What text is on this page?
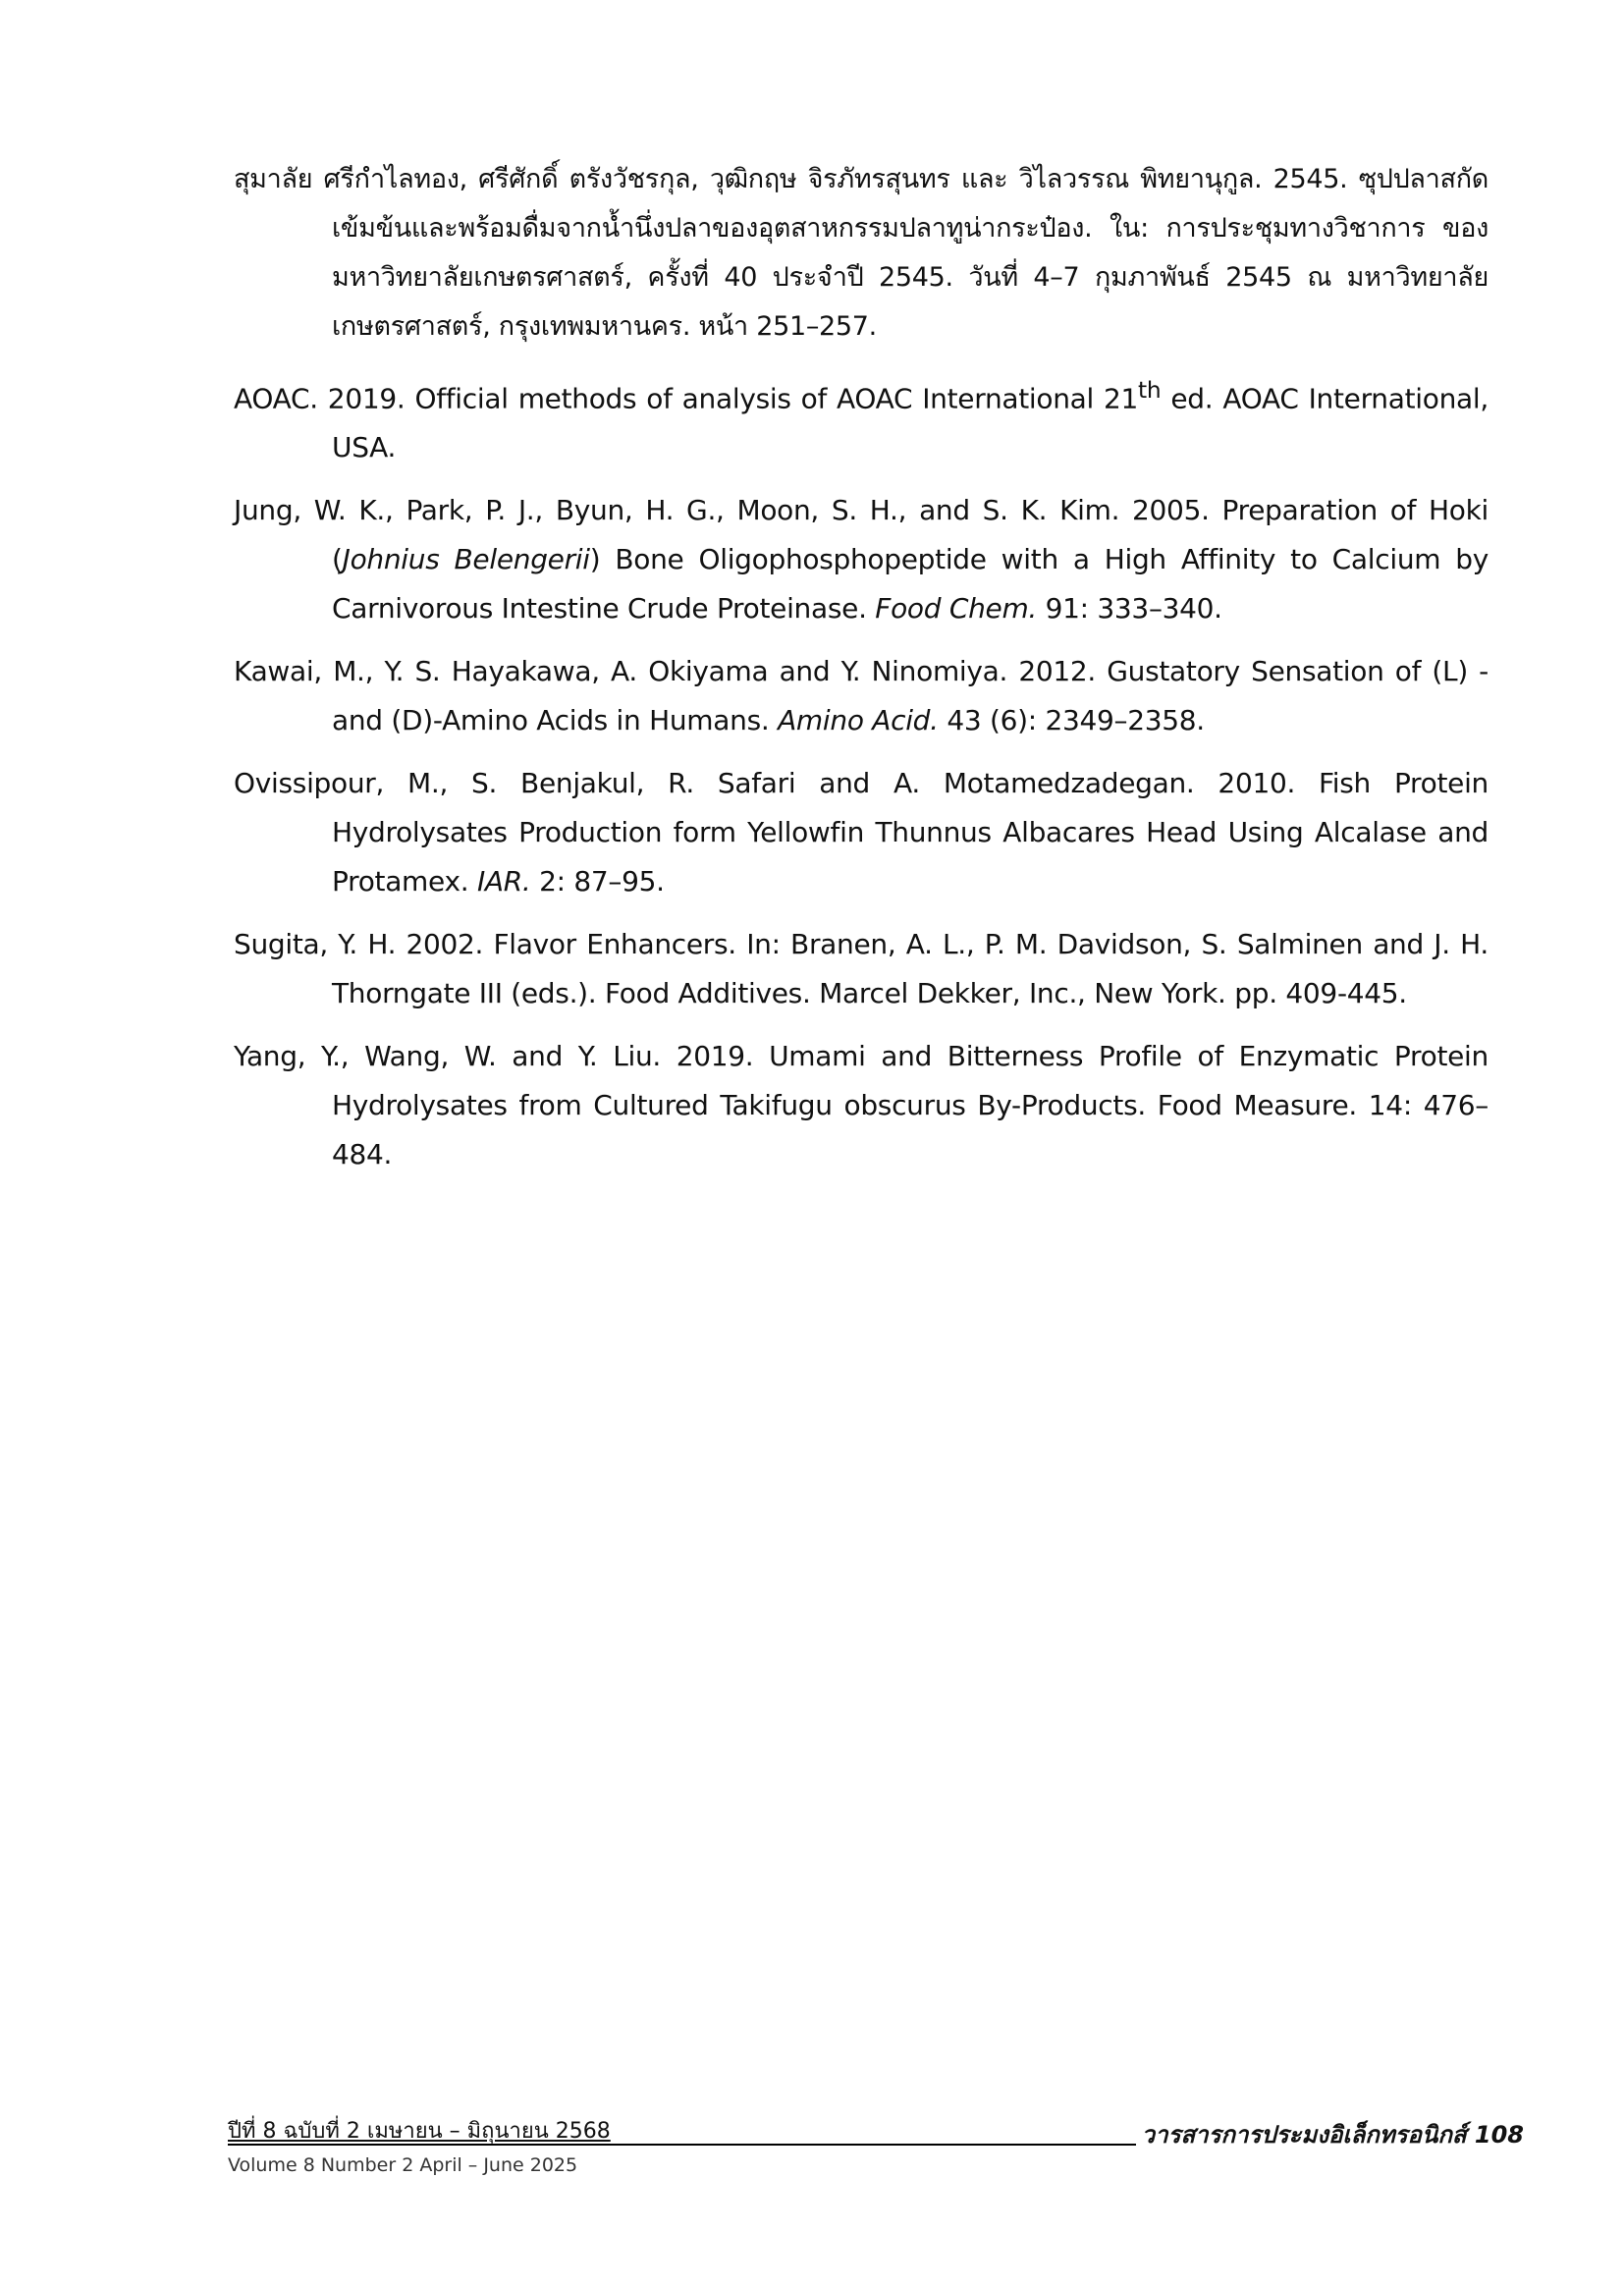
สุมาลัย ศรีกำไลทอง, ศรีศักดิ์ ตรังวัชรกุล, วุฒิกฤษ จิรภัทรสุนทร และ วิไลวรรณ พิทยานุกูล. 2545. ซุปปลาสกัดเข้มข้นและพร้อมดื่มจากน้ำนึ่งปลาของอุตสาหกรรมปลาทูน่ากระป๋อง. ใน: การประชุมทางวิชาการ ของมหาวิทยาลัยเกษตรศาสตร์, ครั้งที่ 40 ประจำปี 2545. วันที่ 4–7 กุมภาพันธ์ 2545 ณ มหาวิทยาลัยเกษตรศาสตร์, กรุงเทพมหานคร. หน้า 251–257.

AOAC. 2019. Official methods of analysis of AOAC International 21th ed. AOAC International, USA.

Jung, W. K., Park, P. J., Byun, H. G., Moon, S. H., and S. K. Kim. 2005. Preparation of Hoki (Johnius Belengerii) Bone Oligophosphopeptide with a High Affinity to Calcium by Carnivorous Intestine Crude Proteinase. Food Chem. 91: 333–340.

Kawai, M., Y. S. Hayakawa, A. Okiyama and Y. Ninomiya. 2012. Gustatory Sensation of (L) - and (D)-Amino Acids in Humans. Amino Acid. 43 (6): 2349–2358.

Ovissipour, M., S. Benjakul, R. Safari and A. Motamedzadegan. 2010. Fish Protein Hydrolysates Production form Yellowfin Thunnus Albacares Head Using Alcalase and Protamex. IAR. 2: 87–95.

Sugita, Y. H. 2002. Flavor Enhancers. In: Branen, A. L., P. M. Davidson, S. Salminen and J. H. Thorngate III (eds.). Food Additives. Marcel Dekker, Inc., New York. pp. 409-445.

Yang, Y., Wang, W. and Y. Liu. 2019. Umami and Bitterness Profile of Enzymatic Protein Hydrolysates from Cultured Takifugu obscurus By-Products. Food Measure. 14: 476–484.

ปีที่ 8 ฉบับที่ 2 เมษายน – มิถุนายน 2568
Volume 8 Number 2 April – June 2025
วารสารการประมงอิเล็กทรอนิกส์ 108
